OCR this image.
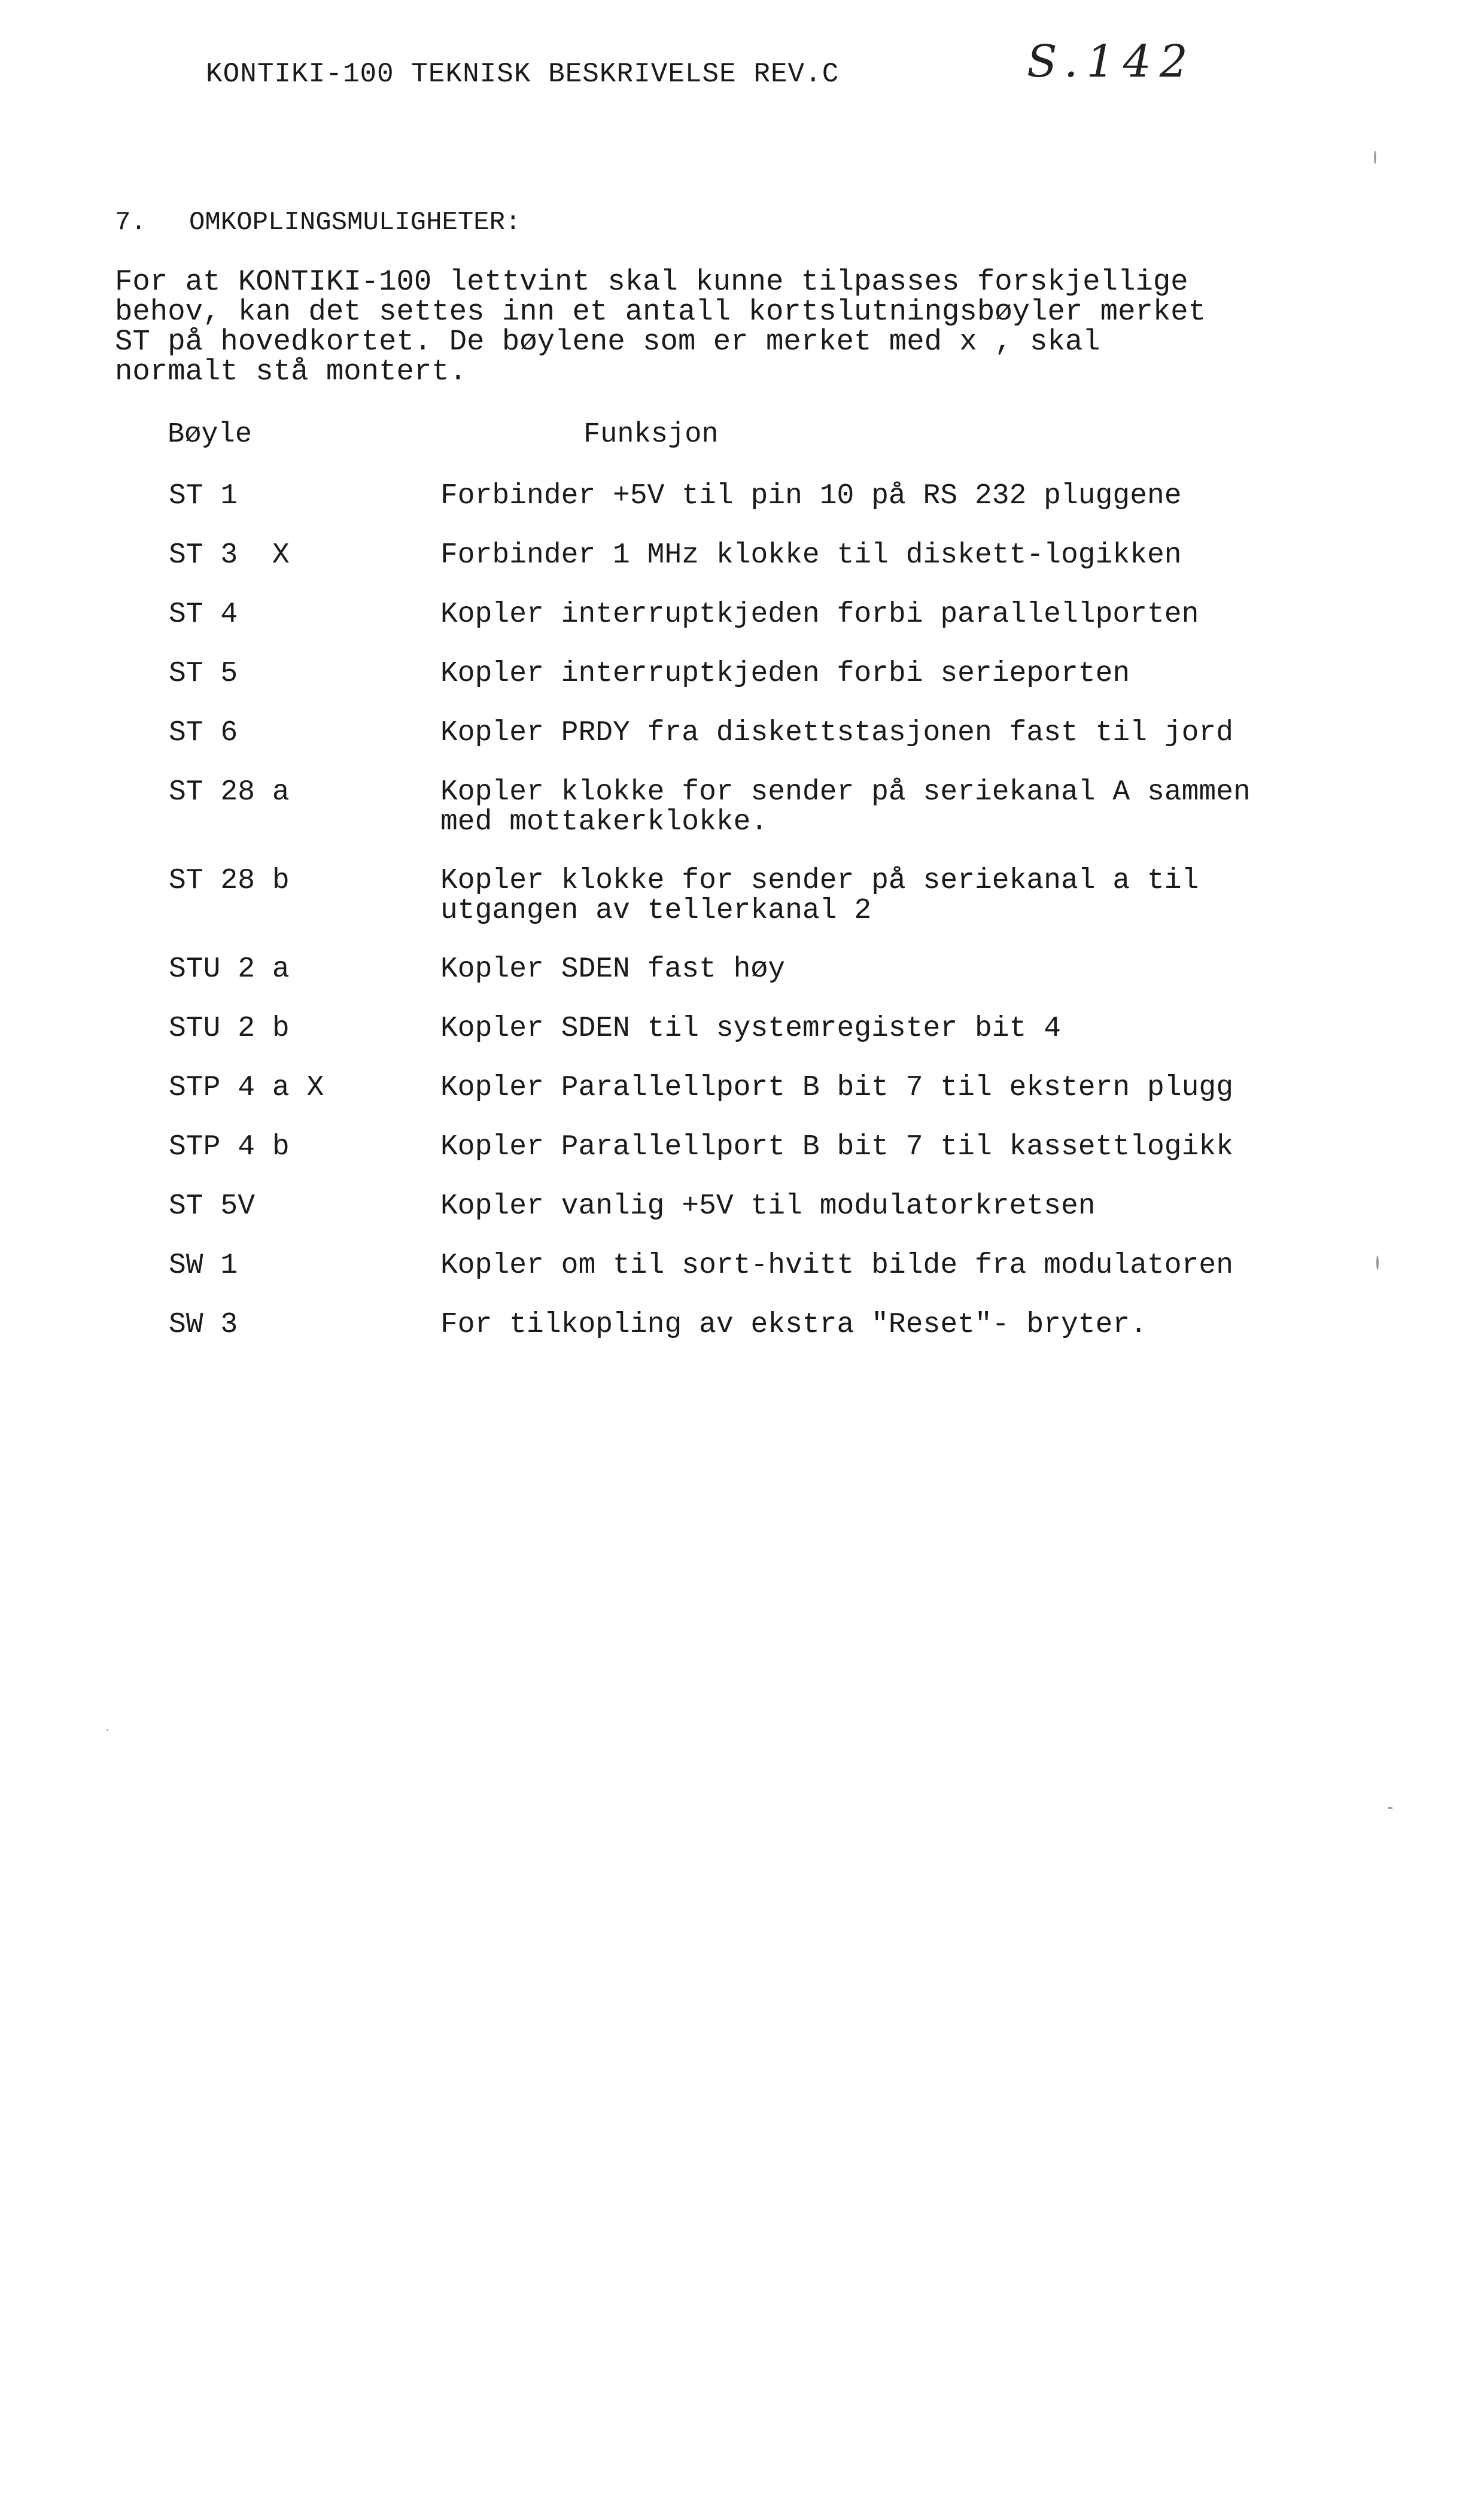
KONTIKI-100 TEKNISK BESKRIVELSE REV.C	S.142
7. OMKOPLINGSMULIGHETER:
For at KONTIKI-100 lettvint skal kunne tilpasses forskjellige
behov, kan det settes inn et antall kortslutningsbøyler merket
ST på hovedkortet. De bøylene som er merket med x , skal
normalt stå montert.
Bøyle	Funksjon
ST 1	Forbinder +5V til pin 10 på RS 232 pluggene
ST 3  X	Forbinder 1 MHz klokke til diskett-logikken
ST 4	Kopler interruptkjeden forbi parallellporten
ST 5	Kopler interruptkjeden forbi serieporten
ST 6	Kopler PRDY fra diskettstasjonen fast til jord
ST 28 a	Kopler klokke for sender på seriekanal A sammen
med mottakerklokke.
ST 28 b	Kopler klokke for sender på seriekanal a til
utgangen av tellerkanal 2
STU 2 a	Kopler SDEN fast høy
STU 2 b	Kopler SDEN til systemregister bit 4
STP 4 a X	Kopler Parallellport B bit 7 til ekstern plugg
STP 4 b	Kopler Parallellport B bit 7 til kassettlogikk
ST 5V	Kopler vanlig +5V til modulatorkretsen
SW 1	Kopler om til sort-hvitt bilde fra modulatoren
SW 3	For tilkopling av ekstra "Reset"- bryter.
